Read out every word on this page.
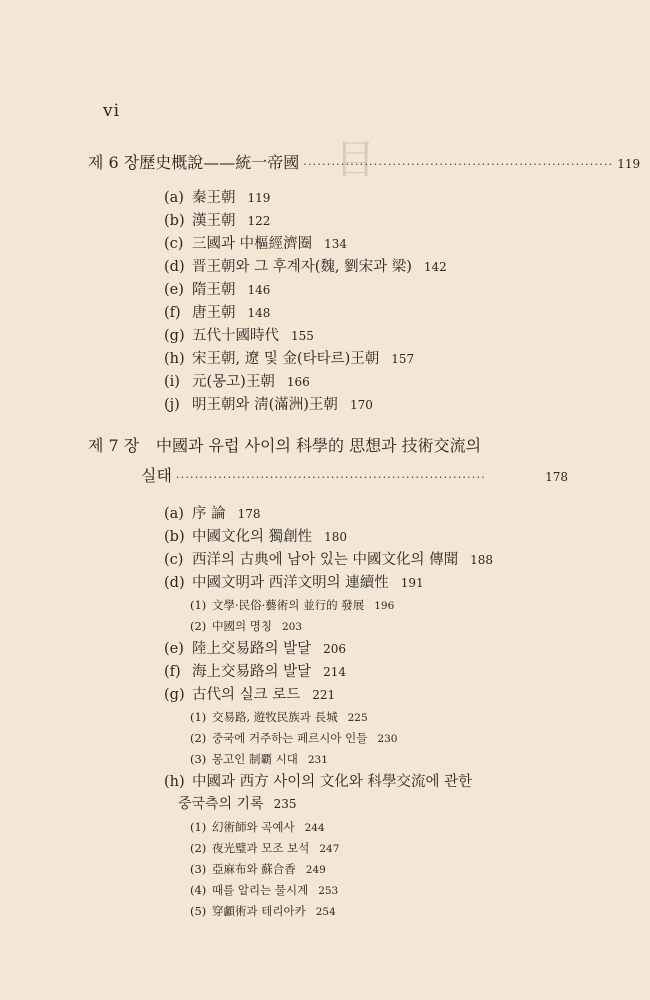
目
vi
제 6 장 歷史概說——統一帝國 ·································································· 119
(a) 秦王朝 119
(b) 漢王朝 122
(c) 三國과 中樞經濟圈 134
(d) 晋王朝와 그 후계자(魏, 劉宋과 梁) 142
(e) 隋王朝 146
(f) 唐王朝 148
(g) 五代十國時代 155
(h) 宋王朝, 遼 및 金(타타르)王朝 157
(i) 元(몽고)王朝 166
(j) 明王朝와 淸(滿洲)王朝 170
제 7 장 中國과 유럽 사이의 科學的 思想과 技術交流의
실태 ··································································	178
(a) 序 論 178
(b) 中國文化의 獨創性 180
(c) 西洋의 古典에 남아 있는 中國文化의 傳聞 188
(d) 中國文明과 西洋文明의 連續性 191
(1) 文學·民俗·藝術의 並行的 發展 196
(2) 中國의 명칭 203
(e) 陸上交易路의 발달 206
(f) 海上交易路의 발달 214
(g) 古代의 실크 로드 221
(1) 交易路, 遊牧民族과 長城 225
(2) 중국에 거주하는 페르시아 인들 230
(3) 몽고인 制覇 시대 231
(h) 中國과 西方 사이의 文化와 科學交流에 관한
중국측의 기록 235
(1) 幻術師와 곡예사 244
(2) 夜光璧과 모조 보석 247
(3) 亞麻布와 蘇合香 249
(4) 때를 알리는 물시계 253
(5) 穿顱術과 테리아카 254
